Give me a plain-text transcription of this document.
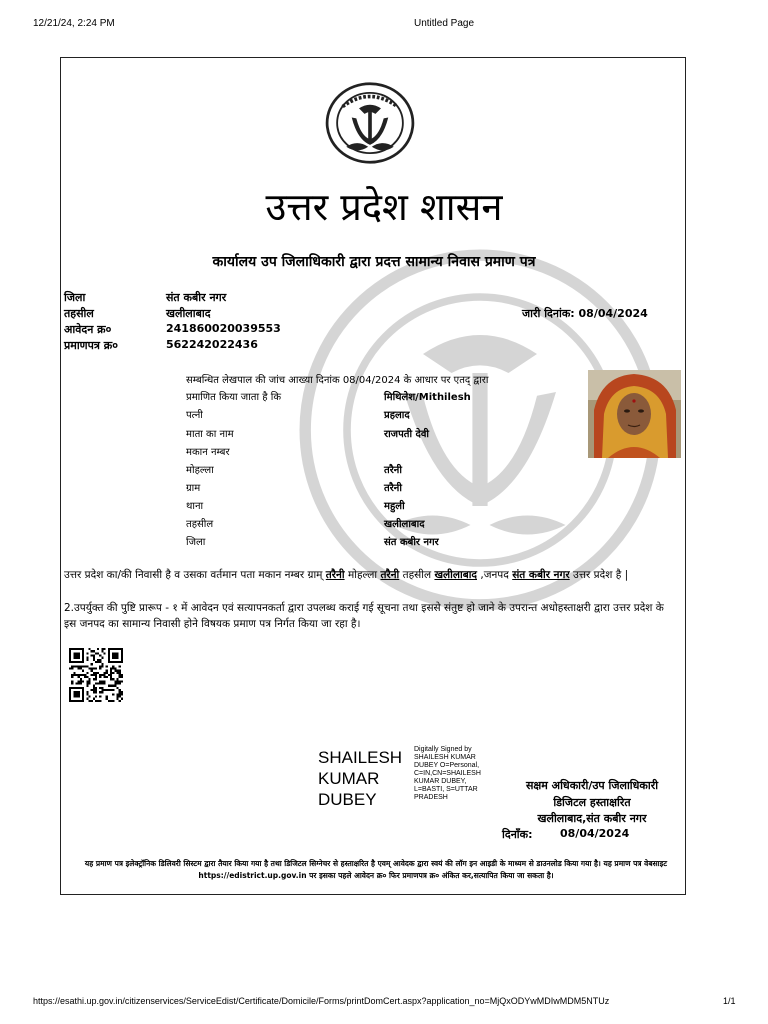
12/21/24, 2:24 PM	Untitled Page
उत्तर प्रदेश शासन
कार्यालय उप जिलाधिकारी द्वारा प्रदत्त सामान्य निवास प्रमाण पत्र
जिला	संत कबीर नगर
तहसील	खलीलाबाद
आवेदन क्र०	241860020039553
प्रमाणपत्र क्र०	562242022436
जारी दिनांक: 08/04/2024
सम्बन्धित लेखपाल की जांच आख्या दिनांक 08/04/2024 के आधार पर एतद् द्वारा
प्रमाणित किया जाता है कि	मिथिलेश/Mithilesh
पत्नी	प्रहलाद
माता का नाम	राजपती देवी
मकान नम्बर
मोहल्ला	तरैनी
ग्राम	तरैनी
थाना	महुली
तहसील	खलीलाबाद
जिला	संत कबीर नगर
उत्तर प्रदेश का/की निवासी है व उसका वर्तमान पता मकान नम्बर ग्राम् तरैनी मोहल्ला तरैनी तहसील खलीलाबाद ,जनपद संत कबीर नगर उत्तर प्रदेश है |
2.उपर्युक्त की पुष्टि प्रारूप - १ में आवेदन एवं सत्यापनकर्ता द्वारा उपलब्ध कराई गई सूचना तथा इससे संतुष्ट हो जाने के उपरान्त अधोहस्ताक्षरी द्वारा उत्तर प्रदेश के इस जनपद का सामान्य निवासी होने विषयक प्रमाण पत्र निर्गत किया जा रहा है।
SHAILESH
KUMAR
DUBEY
Digitally Signed by
SHAILESH KUMAR
DUBEY O=Personal,
C=IN,CN=SHAILESH
KUMAR DUBEY,
L=BASTI, S=UTTAR
PRADESH
सक्षम अधिकारी/उप जिलाधिकारी
डिजिटल हस्ताक्षरित
खलीलाबाद,संत कबीर नगर
दिनाँक:	08/04/2024
यह प्रमाण पत्र इलेक्ट्रॉनिक डिलिवरी सिस्टम द्वारा तैयार किया गया है तथा डिजिटल सिग्नेचर से हस्ताक्षरित है एवम् आवेदक द्वारा स्वयं की लॉग इन आइडी के माध्यम से डाउनलोड किया गया है। यह प्रमाण पत्र वेबसाइट https://edistrict.up.gov.in पर इसका पहले आवेदन क्र० फिर प्रमाणपत्र क्र० अंकित कर,सत्यापित किया जा सकता है।
https://esathi.up.gov.in/citizenservices/ServiceEdist/Certificate/Domicile/Forms/printDomCert.aspx?application_no=MjQxODYwMDIwMDM5NTUz	1/1
